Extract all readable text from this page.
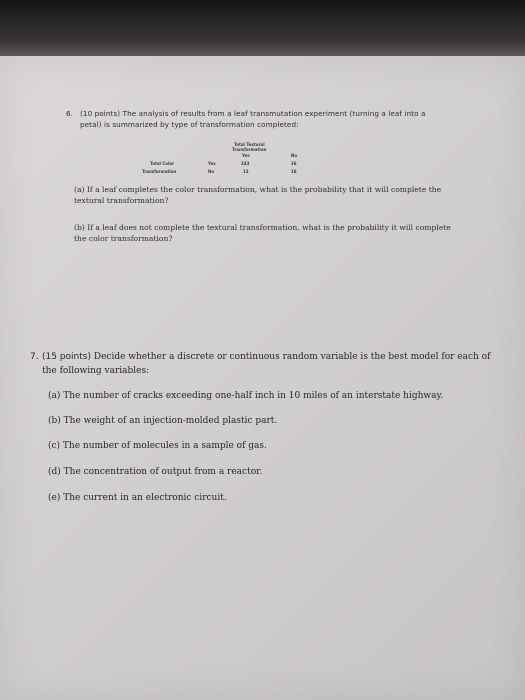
6. (10 points) The analysis of results from a leaf transmutation experiment (turning a leaf into a
petal) is summarized by type of transformation completed:
Total Textural
Transformation
Yes	No
Total Color	Yes	243	26
Transformation	No	13	18
(a) If a leaf completes the color transformation, what is the probability that it will complete the
textural transformation?
(b) If a leaf does not complete the textural transformation, what is the probability it will complete
the color transformation?
7. (15 points) Decide whether a discrete or continuous random variable is the best model for each of
the following variables:
(a) The number of cracks exceeding one-half inch in 10 miles of an interstate highway.
(b) The weight of an injection-molded plastic part.
(c) The number of molecules in a sample of gas.
(d) The concentration of output from a reactor.
(e) The current in an electronic circuit.
